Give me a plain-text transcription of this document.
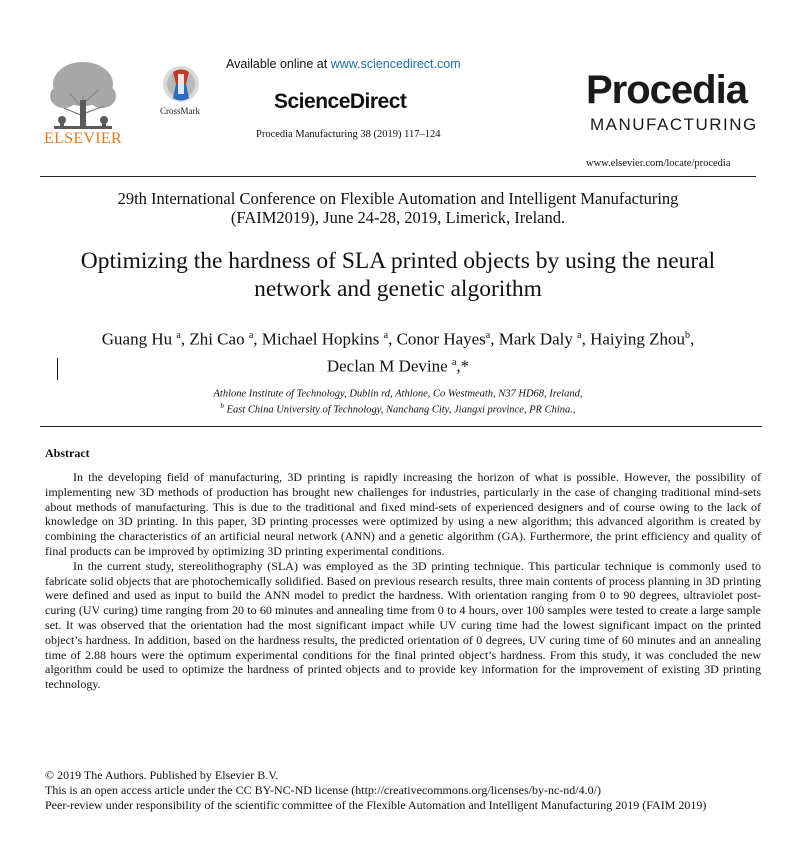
ELSEVIER
CrossMark
Available online at www.sciencedirect.com
ScienceDirect
Procedia Manufacturing 38 (2019) 117–124
Procedia
MANUFACTURING
www.elsevier.com/locate/procedia
29th International Conference on Flexible Automation and Intelligent Manufacturing
(FAIM2019), June 24-28, 2019, Limerick, Ireland.
Optimizing the hardness of SLA printed objects by using the neural
network and genetic algorithm
Guang Hu $^a$, Zhi Cao $^a$, Michael Hopkins $^a$, Conor Hayes$^a$, Mark Daly $^a$, Haiying Zhou$^b$,
Declan M Devine $^a$,*
Athlone Institute of Technology, Dublin rd, Athlone, Co Westmeath, N37 HD68, Ireland,
$^b$ East China University of Technology, Nanchang City, Jiangxi province, PR China.,
Abstract

In the developing field of manufacturing, 3D printing is rapidly increasing the horizon of what is possible. However, the possibility of implementing new 3D methods of production has brought new challenges for industries, particularly in the case of changing traditional mind-sets about methods of manufacturing. This is due to the traditional and fixed mind-sets of experienced designers and of course owing to the lack of knowledge on 3D printing. In this paper, 3D printing processes were optimized by using a new algorithm; this advanced algorithm is created by combining the characteristics of an artificial neural network (ANN) and a genetic algorithm (GA). Furthermore, the print efficiency and quality of final products can be improved by optimizing 3D printing experimental conditions.

In the current study, stereolithography (SLA) was employed as the 3D printing technique. This particular technique is commonly used to fabricate solid objects that are photochemically solidified. Based on previous research results, three main contents of process planning in 3D printing were defined and used as input to build the ANN model to predict the hardness. With orientation ranging from 0 to 90 degrees, ultraviolet post-curing (UV curing) time ranging from 20 to 60 minutes and annealing time from 0 to 4 hours, over 100 samples were tested to create a large sample set. It was observed that the orientation had the most significant impact while UV curing time had the lowest significant impact on the printed object’s hardness. In addition, based on the hardness results, the predicted orientation of 0 degrees, UV curing time of 60 minutes and an annealing time of 2.88 hours were the optimum experimental conditions for the final printed object’s hardness. From this study, it was concluded the new algorithm could be used to optimize the hardness of printed objects and to provide key information for the improvement of existing 3D printing technology.

© 2019 The Authors. Published by Elsevier B.V.
This is an open access article under the CC BY-NC-ND license (http://creativecommons.org/licenses/by-nc-nd/4.0/)
Peer-review under responsibility of the scientific committee of the Flexible Automation and Intelligent Manufacturing 2019 (FAIM 2019)
